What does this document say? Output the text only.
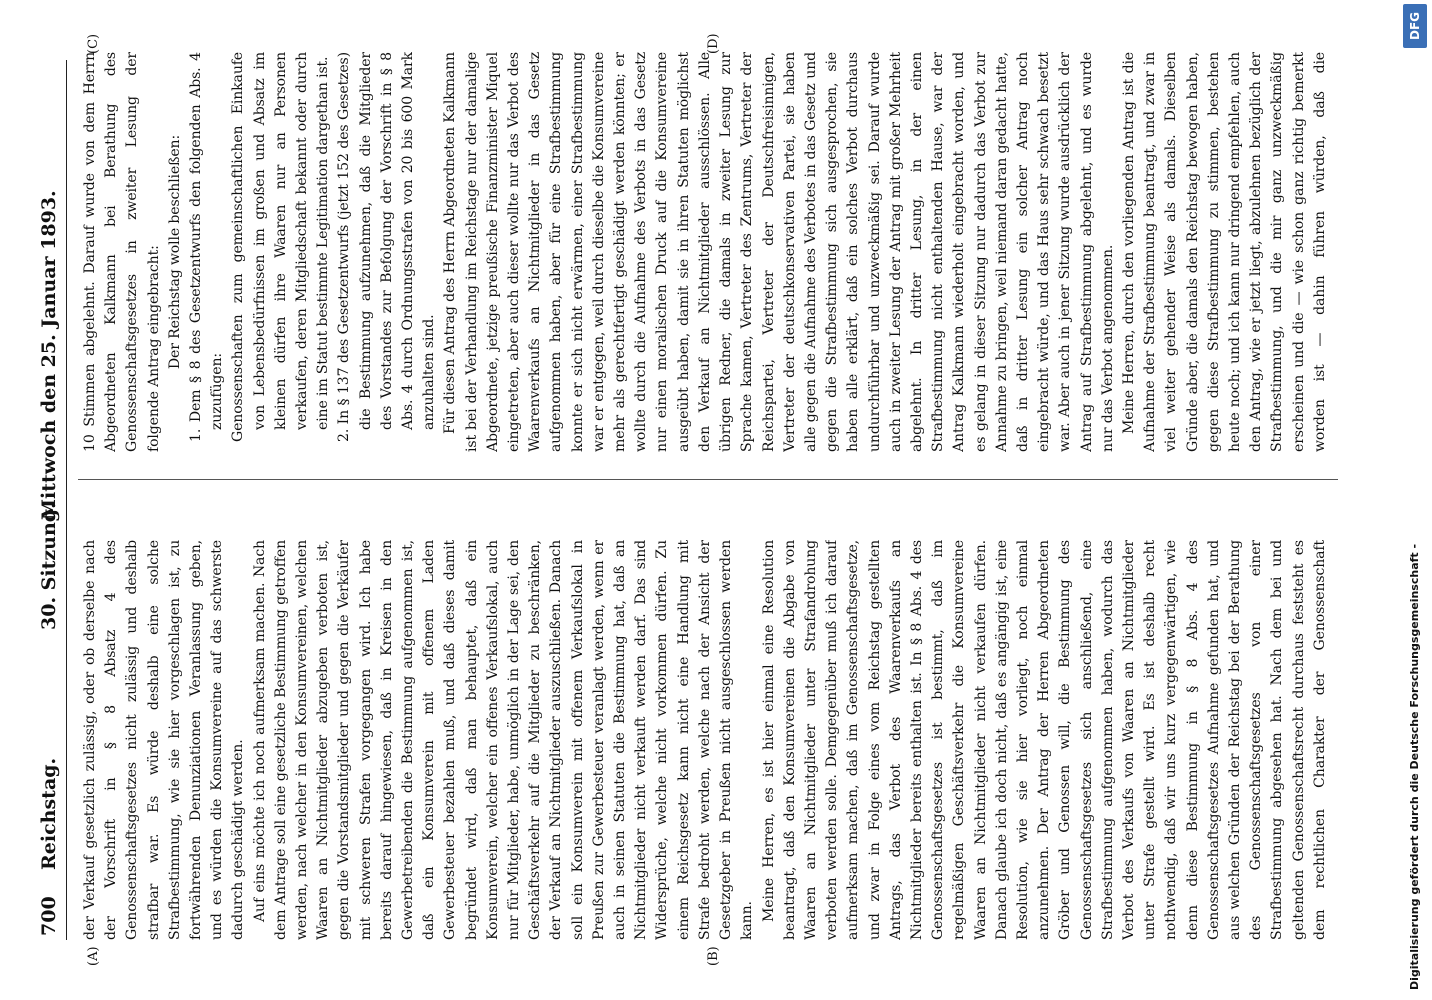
700
Reichstag.
30. Sitzung.
Mittwoch den 25. Januar 1893.
(A)	(B)
(C)	(D)

der Verkauf gesetzlich zulässig, oder ob derselbe nach der Vorschrift in § 8 Absatz 4 des Genossenschaftsgesetzes nicht zulässig und deshalb strafbar war. Es würde deshalb eine solche Strafbestimmung, wie sie hier vorgeschlagen ist, zu fortwährenden Denunziationen Veranlassung geben, und es würden die Konsumvereine auf das schwerste dadurch geschädigt werden. Auf eins möchte ich noch aufmerksam machen. Nach dem Antrage soll eine gesetzliche Bestimmung getroffen werden, nach welcher in den Konsumvereinen, welchen Waaren an Nichtmitglieder abzugeben verboten ist, gegen die Vorstandsmitglieder und gegen die Verkäufer mit schweren Strafen vorgegangen wird. Ich habe bereits darauf hingewiesen, daß in Kreisen in den Gewerbetreibenden die Bestimmung aufgenommen ist, daß ein Konsumverein mit offenem Laden Gewerbesteuer bezahlen muß, und daß dieses damit begründet wird, daß man behauptet, daß ein Konsumverein, welcher ein offenes Verkaufslokal, auch nur für Mitglieder, habe, unmöglich in der Lage sei, den Geschäftsverkehr auf die Mitglieder zu beschränken, der Verkauf an Nichtmitglieder auszuschließen. Danach soll ein Konsumverein mit offenem Verkaufslokal in Preußen zur Gewerbesteuer veranlagt werden, wenn er auch in seinen Statuten die Bestimmung hat, daß an Nichtmitglieder nicht verkauft werden darf. Das sind Widersprüche, welche nicht vorkommen dürfen. Zu einem Reichsgesetz kann nicht eine Handlung mit Strafe bedroht werden, welche nach der Ansicht der Gesetzgeber in Preußen nicht ausgeschlossen werden kann. Meine Herren, es ist hier einmal eine Resolution beantragt, daß den Konsumvereinen die Abgabe von Waaren an Nichtmitglieder unter Strafandrohung verboten werden solle. Demgegenüber muß ich darauf aufmerksam machen, daß im Genossenschaftsgesetze, und zwar in Folge eines vom Reichstag gestellten Antrags, das Verbot des Waarenverkaufs an Nichtmitglieder bereits enthalten ist. In § 8 Abs. 4 des Genossenschaftsgesetzes ist bestimmt, daß im regelmäßigen Geschäftsverkehr die Konsumvereine Waaren an Nichtmitglieder nicht verkaufen dürfen. Danach glaube ich doch nicht, daß es angängig ist, eine Resolution, wie sie hier vorliegt, noch einmal anzunehmen. Der Antrag der Herren Abgeordneten Gröber und Genossen will, die Bestimmung des Genossenschaftsgesetzes sich anschließend, eine Strafbestimmung aufgenommen haben, wodurch das Verbot des Verkaufs von Waaren an Nichtmitglieder unter Strafe gestellt wird. Es ist deshalb recht nothwendig, daß wir uns kurz vergegenwärtigen, wie denn diese Bestimmung in § 8 Abs. 4 des Genossenschaftsgesetzes Aufnahme gefunden hat, und aus welchen Gründen der Reichstag bei der Berathung des Genossenschaftsgesetzes von einer Strafbestimmung abgesehen hat. Nach dem bei und geltenden Genossenschaftsrecht durchaus feststeht es dem rechtlichen Charakter der Genossenschaft

10 Stimmen abgelehnt. Darauf wurde von dem Herrn Abgeordneten Kalkmann bei Berathung des Genossenschaftsgesetzes in zweiter Lesung der folgende Antrag eingebracht: Der Reichstag wolle beschließen: 1. Dem § 8 des Gesetzentwurfs den folgenden Abs. 4 zuzufügen: Genossenschaften zum gemeinschaftlichen Einkaufe von Lebensbedürfnissen im großen und Absatz im kleinen dürfen ihre Waaren nur an Personen verkaufen, deren Mitgliedschaft bekannt oder durch eine im Statut bestimmte Legitimation dargethan ist. 2. In § 137 des Gesetzentwurfs (jetzt 152 des Gesetzes) die Bestimmung aufzunehmen, daß die Mitglieder des Vorstandes zur Befolgung der Vorschrift in § 8 Abs. 4 durch Ordnungsstrafen von 20 bis 600 Mark anzuhalten sind. Für diesen Antrag des Herrn Abgeordneten Kalkmann ist bei der Verhandlung im Reichstage nur der damalige Abgeordnete, jetzige preußische Finanzminister Miquel eingetreten, aber auch dieser wollte nur das Verbot des Waarenverkaufs an Nichtmitglieder in das Gesetz aufgenommen haben, aber für eine Strafbestimmung konnte er sich nicht erwärmen, einer Strafbestimmung war er entgegen, weil durch dieselbe die Konsumvereine mehr als gerechtfertigt geschädigt werden könnten; er wollte durch die Aufnahme des Verbots in das Gesetz nur einen moralischen Druck auf die Konsumvereine ausgeübt haben, damit sie in ihren Statuten möglichst den Verkauf an Nichtmitglieder ausschlössen. Alle übrigen Redner, die damals in zweiter Lesung zur Sprache kamen, Vertreter des Zentrums, Vertreter der Reichspartei, Vertreter der Deutschfreisinnigen, Vertreter der deutschkonservativen Partei, sie haben alle gegen die Aufnahme des Verbotes in das Gesetz und gegen die Strafbestimmung sich ausgesprochen, sie haben alle erklärt, daß ein solches Verbot durchaus undurchführbar und unzweckmäßig sei. Darauf wurde auch in zweiter Lesung der Antrag mit großer Mehrheit abgelehnt. In dritter Lesung, in der einen Strafbestimmung nicht enthaltenden Hause, war der Antrag Kalkmann wiederholt eingebracht worden, und es gelang in dieser Sitzung nur dadurch das Verbot zur Annahme zu bringen, weil niemand daran gedacht hatte, daß in dritter Lesung ein solcher Antrag noch eingebracht würde, und das Haus sehr schwach besetzt war. Aber auch in jener Sitzung wurde ausdrücklich der Antrag auf Strafbestimmung abgelehnt, und es wurde nur das Verbot angenommen. Meine Herren, durch den vorliegenden Antrag ist die Aufnahme der Strafbestimmung beantragt, und zwar in viel weiter gehender Weise als damals. Dieselben Gründe aber, die damals den Reichstag bewogen haben, gegen diese Strafbestimmung zu stimmen, bestehen heute noch; und ich kann nur dringend empfehlen, auch den Antrag, wie er jetzt liegt, abzulehnen bezüglich der Strafbestimmung, und die mir ganz unzweckmäßig erscheinen und die — wie schon ganz richtig bemerkt worden ist — dahin führen würden, daß die

Digitalisierung gefördert durch die Deutsche Forschungsgemeinschaft -
DFG
